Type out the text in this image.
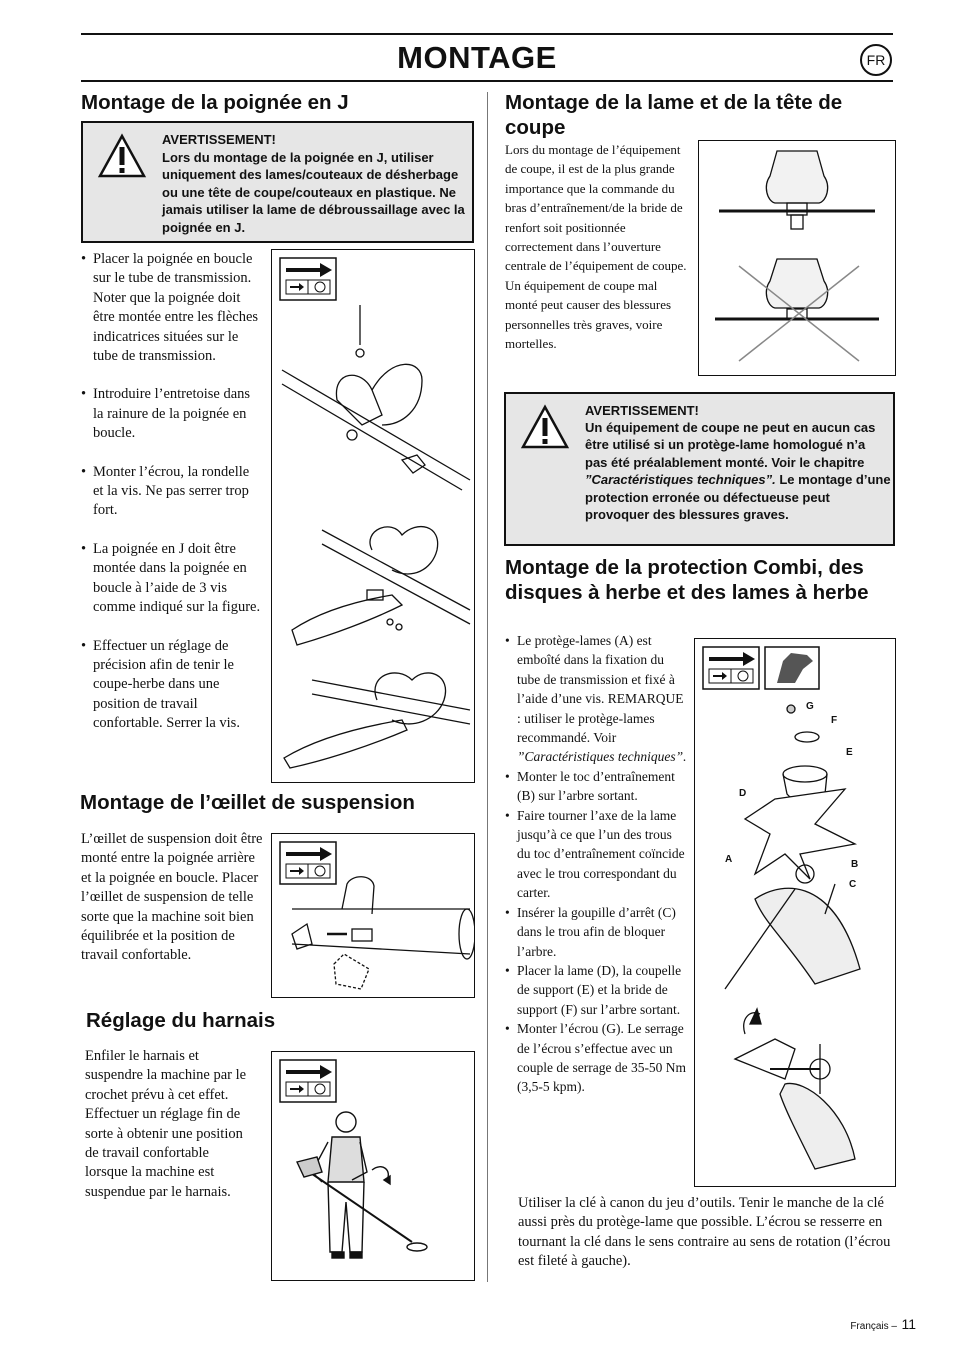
MONTAGE	FR
Montage de la poignée en J
AVERTISSEMENT!
Lors du montage de la poignée en J, utiliser uniquement des lames/couteaux de désherbage ou une tête de coupe/couteaux en plastique. Ne jamais utiliser la lame de débroussaillage avec la poignée en J.
• Placer la poignée en boucle sur le tube de transmission. Noter que la poignée doit être montée entre les flèches indicatrices situées sur le tube de transmission.
• Introduire l’entretoise dans la rainure de la poignée en boucle.
• Monter l’écrou, la rondelle et la vis. Ne pas serrer trop fort.
• La poignée en J doit être montée dans la poignée en boucle à l’aide de 3 vis comme indiqué sur la figure.
• Effectuer un réglage de précision afin de tenir le coupe-herbe dans une position de travail confortable. Serrer la vis.
Montage de l’œillet de suspension
L’œillet de suspension doit être monté entre la poignée arrière et la poignée en boucle. Placer l’œillet de suspension de telle sorte que la machine soit bien équilibrée et la position de travail confortable.
Réglage du harnais
Enfiler le harnais et suspendre la machine par le crochet prévu à cet effet. Effectuer un réglage fin de sorte à obtenir une position de travail confortable lorsque la machine est suspendue par le harnais.
Montage de la lame et de la tête de coupe
Lors du montage de l’équipement de coupe, il est de la plus grande importance que la commande du bras d’entraînement/de la bride de renfort soit positionnée correctement dans l’ouverture centrale de l’équipement de coupe. Un équipement de coupe mal monté peut causer des blessures personnelles très graves, voire mortelles.
AVERTISSEMENT!
Un équipement de coupe ne peut en aucun cas être utilisé si un protège-lame homologué n’a pas été préalablement monté. Voir le chapitre ”Caractéristiques techniques”. Le montage d’une protection erronée ou défectueuse peut provoquer des blessures graves.
Montage de la protection Combi, des disques à herbe et des lames à herbe
• Le protège-lames (A) est emboîté dans la fixation du tube de transmission et fixé à l’aide d’une vis. REMARQUE : utiliser le protège-lames recommandé. Voir ”Caractéristiques techniques”.
• Monter le toc d’entraînement (B) sur l’arbre sortant.
• Faire tourner l’axe de la lame jusqu’à ce que l’un des trous du toc d’entraînement coïncide avec le trou correspondant du carter.
• Insérer la goupille d’arrêt (C) dans le trou afin de bloquer l’arbre.
• Placer la lame (D), la coupelle de support (E) et la bride de support (F) sur l’arbre sortant.
• Monter l’écrou (G). Le serrage de l’écrou s’effectue avec un couple de serrage de 35-50 Nm (3,5-5 kpm).
G
F
E
D
A	B
C
Utiliser la clé à canon du jeu d’outils. Tenir le manche de la clé aussi près du protège-lame que possible. L’écrou se resserre en tournant la clé dans le sens contraire au sens de rotation (l’écrou est fileté à gauche).
Français – 11
